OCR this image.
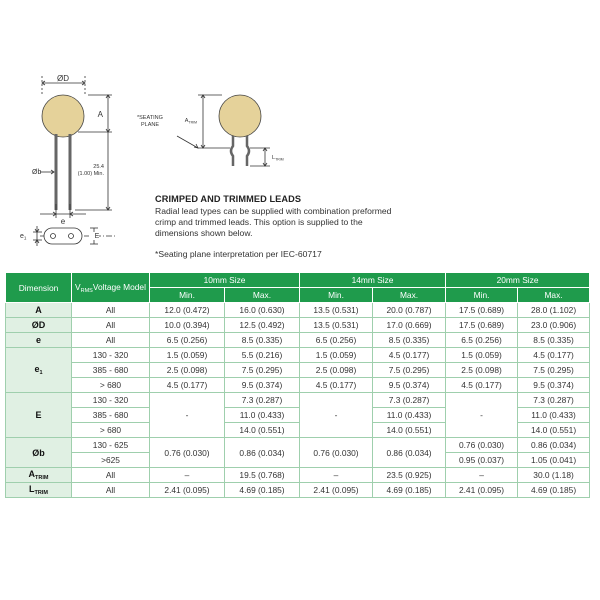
ØD
A
25.4
(1.00) Min.
Øb
e
$e_1$	E
*SEATING
PLANE
$A_{TRIM}$
$L_{TRIM}$
CRIMPED AND TRIMMED LEADS
Radial lead types can be supplied with combination preformed
crimp and trimmed leads. This option is supplied to the
dimensions shown below.
*Seating plane interpretation per IEC-60717
Dimension	$V_{RMS}Voltage$ Model	10mm Size		14mm Size		20mm Size	
		Min.	Max.	Min.	Max.	Min.	Max.
A	All	12.0 (0.472)	16.0 (0.630)	13.5 (0.531)	20.0 (0.787)	17.5 (0.689)	28.0 (1.102)
ØD	All	10.0 (0.394)	12.5 (0.492)	13.5 (0.531)	17.0 (0.669)	17.5 (0.689)	23.0 (0.906)
e	All	6.5 (0.256)	8.5 (0.335)	6.5 (0.256)	8.5 (0.335)	6.5 (0.256)	8.5 (0.335)
$e_1$	130 - 320	1.5 (0.059)	5.5 (0.216)	1.5 (0.059)	4.5 (0.177)	1.5 (0.059)	4.5 (0.177)
	385 - 680	2.5 (0.098)	7.5 (0.295)	2.5 (0.098)	7.5 (0.295)	2.5 (0.098)	7.5 (0.295)
	> 680	4.5 (0.177)	9.5 (0.374)	4.5 (0.177)	9.5 (0.374)	4.5 (0.177)	9.5 (0.374)
E	130 - 320	-	7.3 (0.287)	-	7.3 (0.287)	-	7.3 (0.287)
	385 - 680		11.0 (0.433)		11.0 (0.433)		11.0 (0.433)
	> 680		14.0 (0.551)		14.0 (0.551)		14.0 (0.551)
Øb	130 - 625	0.76 (0.030)	0.86 (0.034)	0.76 (0.030)	0.86 (0.034)	0.76 (0.030)	0.86 (0.034)
	>625					0.95 (0.037)	1.05 (0.041)
$A_{TRIM}$	All	–	19.5 (0.768)	–	23.5 (0.925)	–	30.0 (1.18)
$L_{TRIM}$	All	2.41 (0.095)	4.69 (0.185)	2.41 (0.095)	4.69 (0.185)	2.41 (0.095)	4.69 (0.185)
